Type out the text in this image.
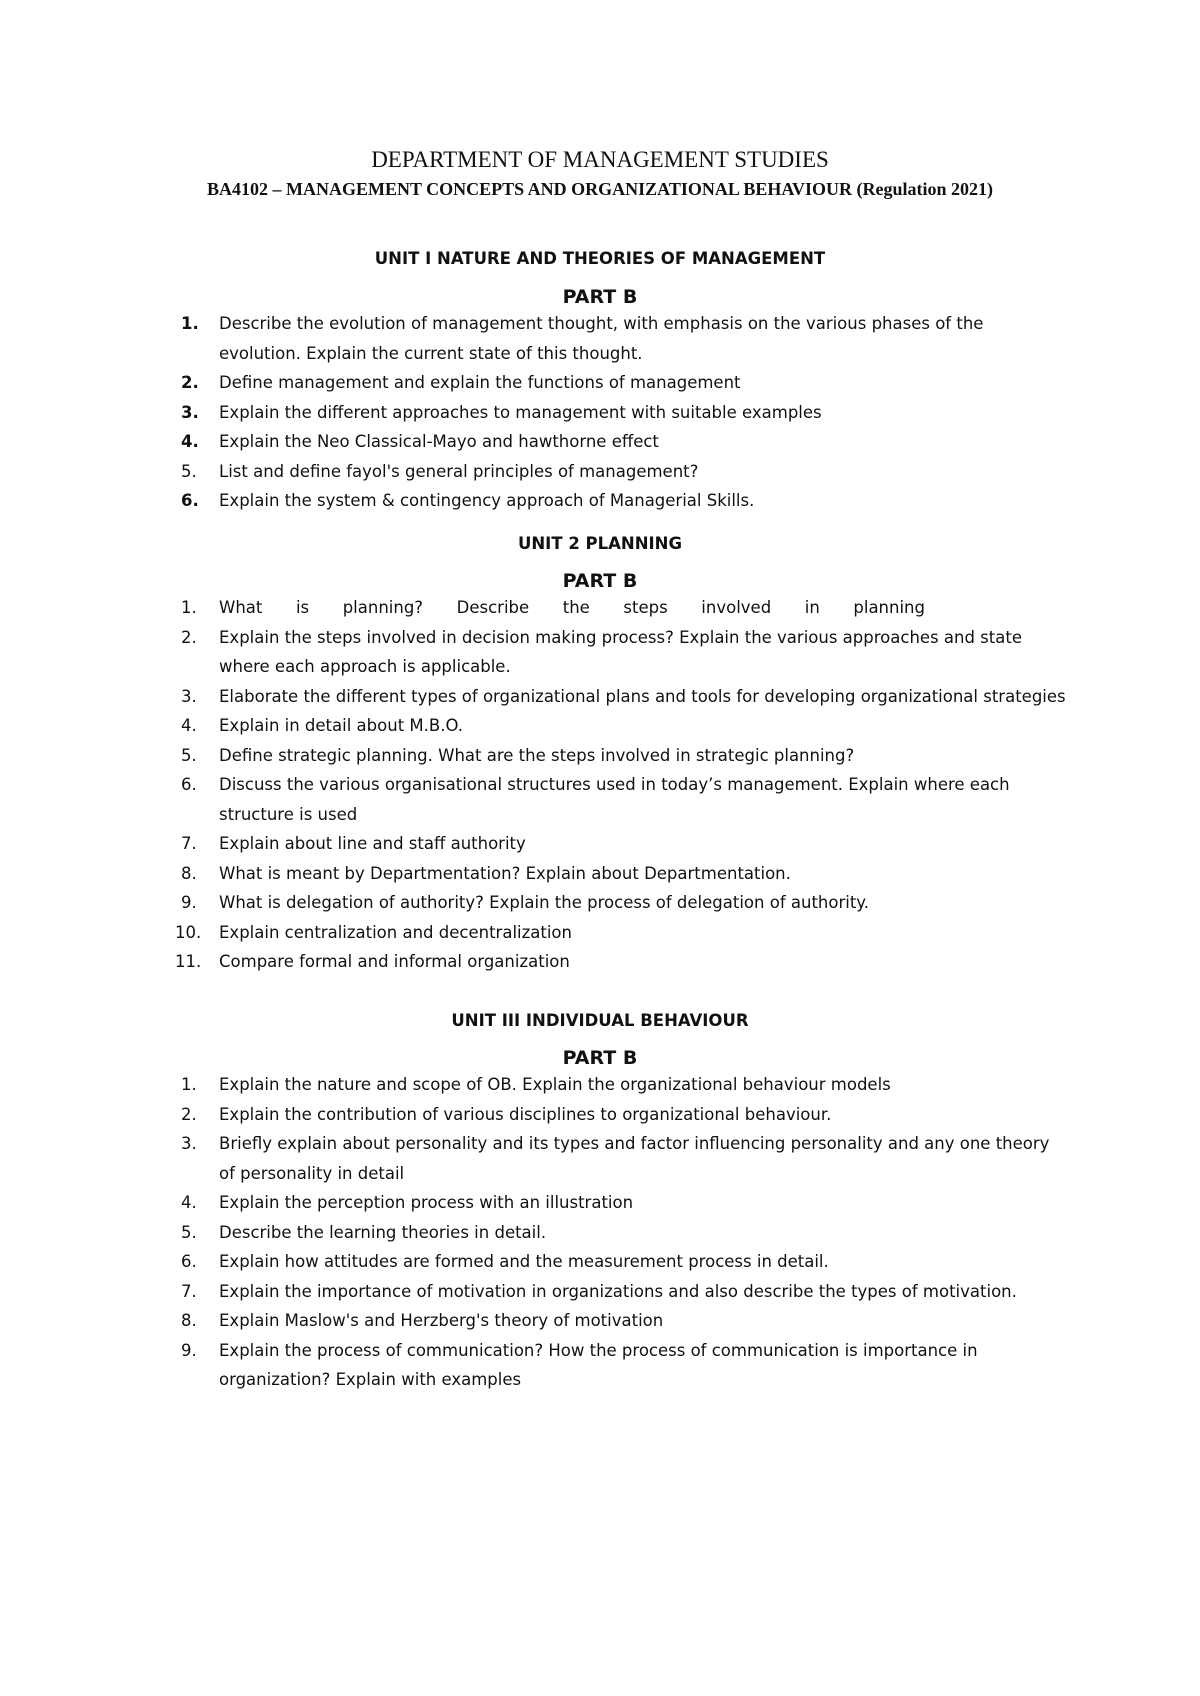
DEPARTMENT OF MANAGEMENT STUDIES
BA4102 – MANAGEMENT CONCEPTS AND ORGANIZATIONAL BEHAVIOUR (Regulation 2021)
UNIT I NATURE AND THEORIES OF MANAGEMENT
PART B
1. Describe the evolution of management thought, with emphasis on the various phases of the evolution. Explain the current state of this thought.
2. Define management and explain the functions of management
3. Explain the different approaches to management with suitable examples
4. Explain the Neo Classical-Mayo and hawthorne effect
5. List and define fayol's general principles of management?
6. Explain the system & contingency approach of Managerial Skills.
UNIT 2 PLANNING
PART B
1. What is planning? Describe the steps involved in planning
2. Explain the steps involved in decision making process? Explain the various approaches and state where each approach is applicable.
3. Elaborate the different types of organizational plans and tools for developing organizational strategies
4. Explain in detail about M.B.O.
5. Define strategic planning. What are the steps involved in strategic planning?
6. Discuss the various organisational structures used in today’s management. Explain where each structure is used
7. Explain about line and staff authority
8. What is meant by Departmentation? Explain about Departmentation.
9. What is delegation of authority? Explain the process of delegation of authority.
10. Explain centralization and decentralization
11. Compare formal and informal organization
UNIT III INDIVIDUAL BEHAVIOUR
PART B
1. Explain the nature and scope of OB. Explain the organizational behaviour models
2. Explain the contribution of various disciplines to organizational behaviour.
3. Briefly explain about personality and its types and factor influencing personality and any one theory of personality in detail
4. Explain the perception process with an illustration
5. Describe the learning theories in detail.
6. Explain how attitudes are formed and the measurement process in detail.
7. Explain the importance of motivation in organizations and also describe the types of motivation.
8. Explain Maslow's and Herzberg's theory of motivation
9. Explain the process of communication? How the process of communication is importance in organization? Explain with examples
